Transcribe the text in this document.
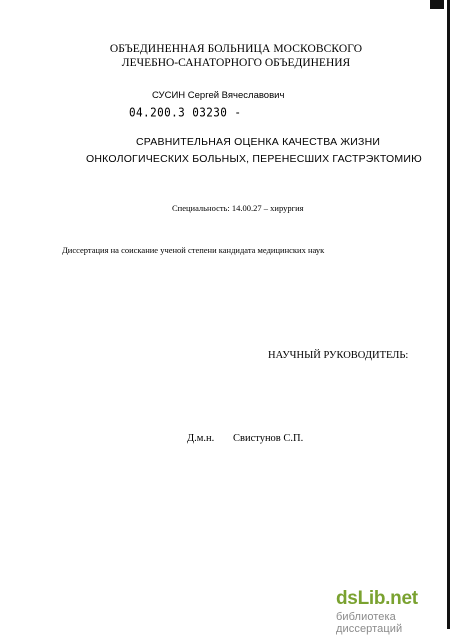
ОБЪЕДИНЕННАЯ БОЛЬНИЦА МОСКОВСКОГО
ЛЕЧЕБНО-САНАТОРНОГО ОБЪЕДИНЕНИЯ
СУСИН Сергей Вячеславович
04.200.3 03230 -
СРАВНИТЕЛЬНАЯ ОЦЕНКА КАЧЕСТВА ЖИЗНИ
ОНКОЛОГИЧЕСКИХ БОЛЬНЫХ, ПЕРЕНЕСШИХ ГАСТРЭКТОМИЮ
Специальность: 14.00.27 – хирургия
Диссертация на соискание ученой степени кандидата медицинских наук
НАУЧНЫЙ РУКОВОДИТЕЛЬ:
Д.м.н. Свистунов С.П.
dsLib.net
библиотека диссертаций
